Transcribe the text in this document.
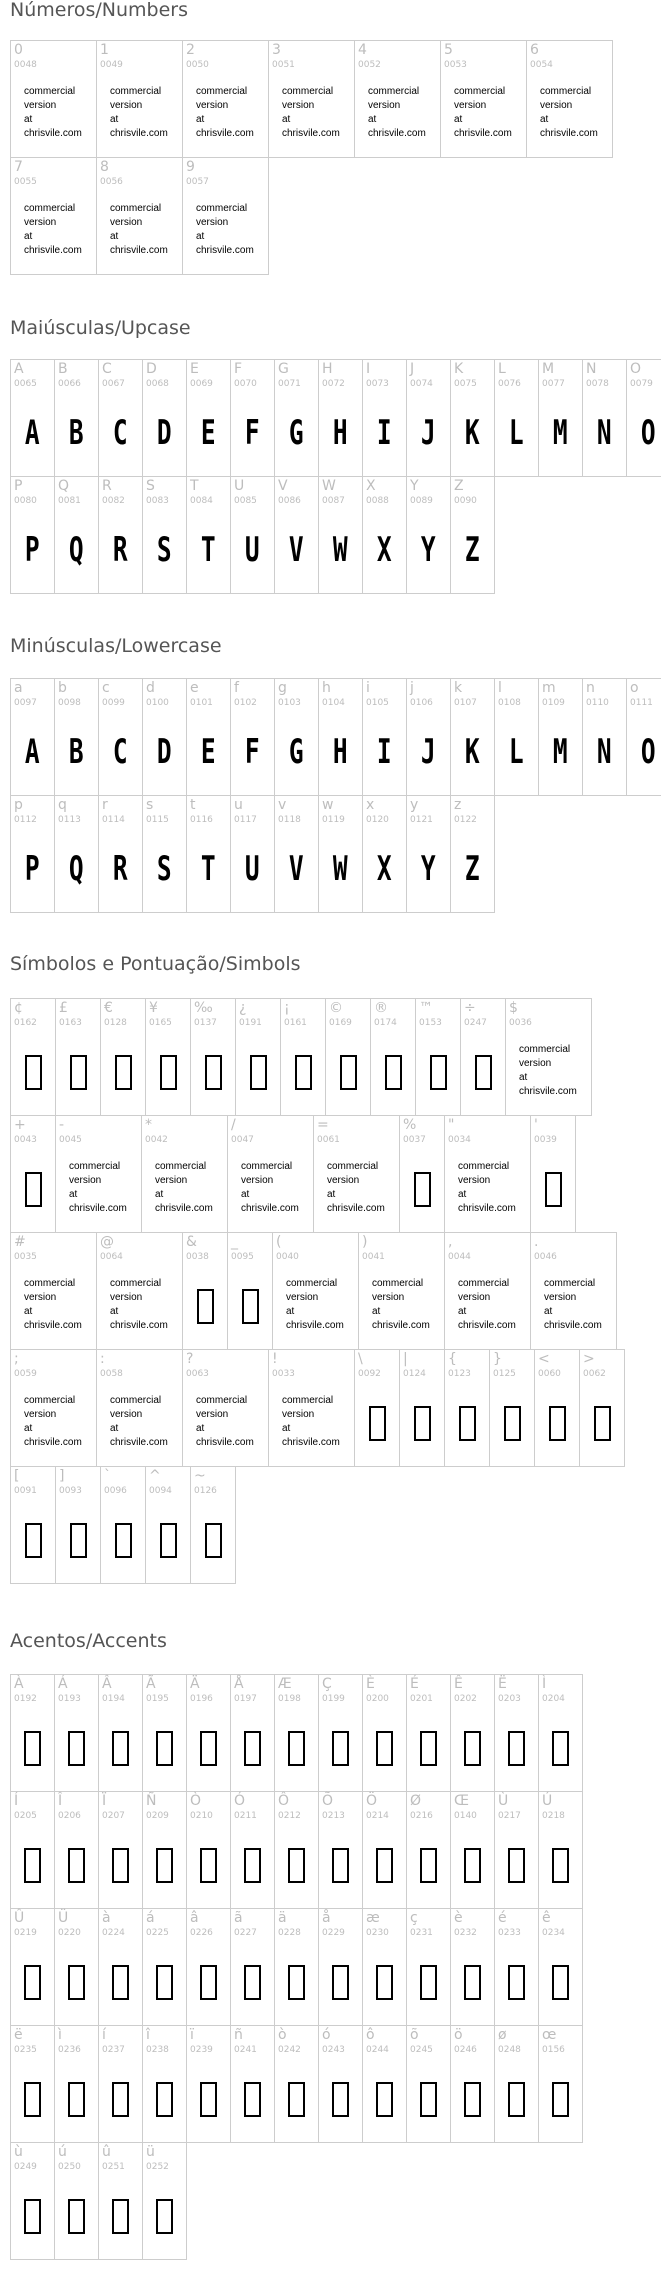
Números/Numbers
0
0048
commercial
version
at
chrisvile.com
1
0049
commercial
version
at
chrisvile.com
2
0050
commercial
version
at
chrisvile.com
3
0051
commercial
version
at
chrisvile.com
4
0052
commercial
version
at
chrisvile.com
5
0053
commercial
version
at
chrisvile.com
6
0054
commercial
version
at
chrisvile.com
7
0055
commercial
version
at
chrisvile.com
8
0056
commercial
version
at
chrisvile.com
9
0057
commercial
version
at
chrisvile.com
Maiúsculas/Upcase
A
0065
A
B
0066
B
C
0067
C
D
0068
D
E
0069
E
F
0070
F
G
0071
G
H
0072
H
I
0073
I
J
0074
J
K
0075
K
L
0076
L
M
0077
M
N
0078
N
O
0079
O
P
0080
P
Q
0081
Q
R
0082
R
S
0083
S
T
0084
T
U
0085
U
V
0086
V
W
0087
W
X
0088
X
Y
0089
Y
Z
0090
Z
Minúsculas/Lowercase
a
0097
A
b
0098
B
c
0099
C
d
0100
D
e
0101
E
f
0102
F
g
0103
G
h
0104
H
i
0105
I
j
0106
J
k
0107
K
l
0108
L
m
0109
M
n
0110
N
o
0111
O
p
0112
P
q
0113
Q
r
0114
R
s
0115
S
t
0116
T
u
0117
U
v
0118
V
w
0119
W
x
0120
X
y
0121
Y
z
0122
Z
Símbolos e Pontuação/Simbols
¢
0162
£
0163
€
0128
¥
0165
‰
0137
¿
0191
¡
0161
©
0169
®
0174
™
0153
÷
0247
$
0036
commercial
version
at
chrisvile.com
+
0043
-
0045
commercial
version
at
chrisvile.com
*
0042
commercial
version
at
chrisvile.com
/
0047
commercial
version
at
chrisvile.com
=
0061
commercial
version
at
chrisvile.com
%
0037
"
0034
commercial
version
at
chrisvile.com
'
0039
#
0035
commercial
version
at
chrisvile.com
@
0064
commercial
version
at
chrisvile.com
&
0038
_
0095
(
0040
commercial
version
at
chrisvile.com
)
0041
commercial
version
at
chrisvile.com
,
0044
commercial
version
at
chrisvile.com
.
0046
commercial
version
at
chrisvile.com
;
0059
commercial
version
at
chrisvile.com
:
0058
commercial
version
at
chrisvile.com
?
0063
commercial
version
at
chrisvile.com
!
0033
commercial
version
at
chrisvile.com
\
0092
|
0124
{
0123
}
0125
<
0060
>
0062
[
0091
]
0093
`
0096
^
0094
~
0126
Acentos/Accents
À
0192
Á
0193
Â
0194
Ã
0195
Ä
0196
Å
0197
Æ
0198
Ç
0199
È
0200
É
0201
Ê
0202
Ë
0203
Ì
0204
Í
0205
Î
0206
Ï
0207
Ñ
0209
Ò
0210
Ó
0211
Ô
0212
Õ
0213
Ö
0214
Ø
0216
Œ
0140
Ù
0217
Ú
0218
Û
0219
Ü
0220
à
0224
á
0225
â
0226
ã
0227
ä
0228
å
0229
æ
0230
ç
0231
è
0232
é
0233
ê
0234
ë
0235
ì
0236
í
0237
î
0238
ï
0239
ñ
0241
ò
0242
ó
0243
ô
0244
õ
0245
ö
0246
ø
0248
œ
0156
ù
0249
ú
0250
û
0251
ü
0252
